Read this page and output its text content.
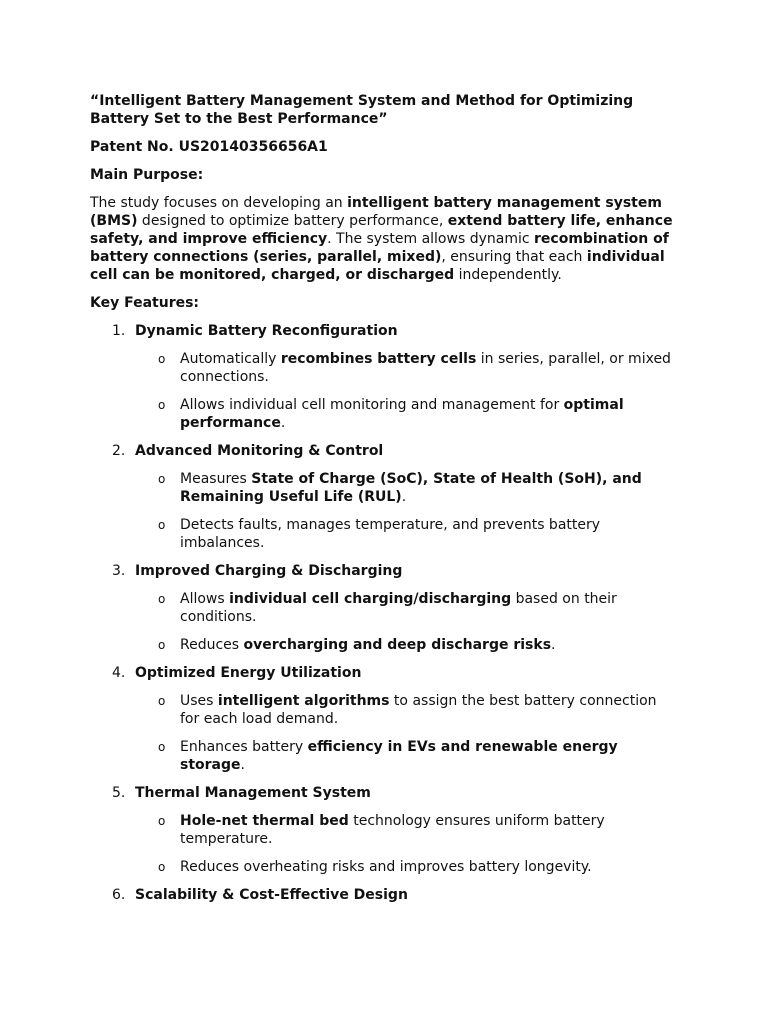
“Intelligent Battery Management System and Method for Optimizing Battery Set to the Best Performance”

Patent No. US20140356656A1

Main Purpose:

The study focuses on developing an intelligent battery management system (BMS) designed to optimize battery performance, extend battery life, enhance safety, and improve efficiency. The system allows dynamic recombination of battery connections (series, parallel, mixed), ensuring that each individual cell can be monitored, charged, or discharged independently.

Key Features:

1. Dynamic Battery Reconfiguration
o Automatically recombines battery cells in series, parallel, or mixed connections.
o Allows individual cell monitoring and management for optimal performance.
2. Advanced Monitoring & Control
o Measures State of Charge (SoC), State of Health (SoH), and Remaining Useful Life (RUL).
o Detects faults, manages temperature, and prevents battery imbalances.
3. Improved Charging & Discharging
o Allows individual cell charging/discharging based on their conditions.
o Reduces overcharging and deep discharge risks.
4. Optimized Energy Utilization
o Uses intelligent algorithms to assign the best battery connection for each load demand.
o Enhances battery efficiency in EVs and renewable energy storage.
5. Thermal Management System
o Hole-net thermal bed technology ensures uniform battery temperature.
o Reduces overheating risks and improves battery longevity.
6. Scalability & Cost-Effective Design
